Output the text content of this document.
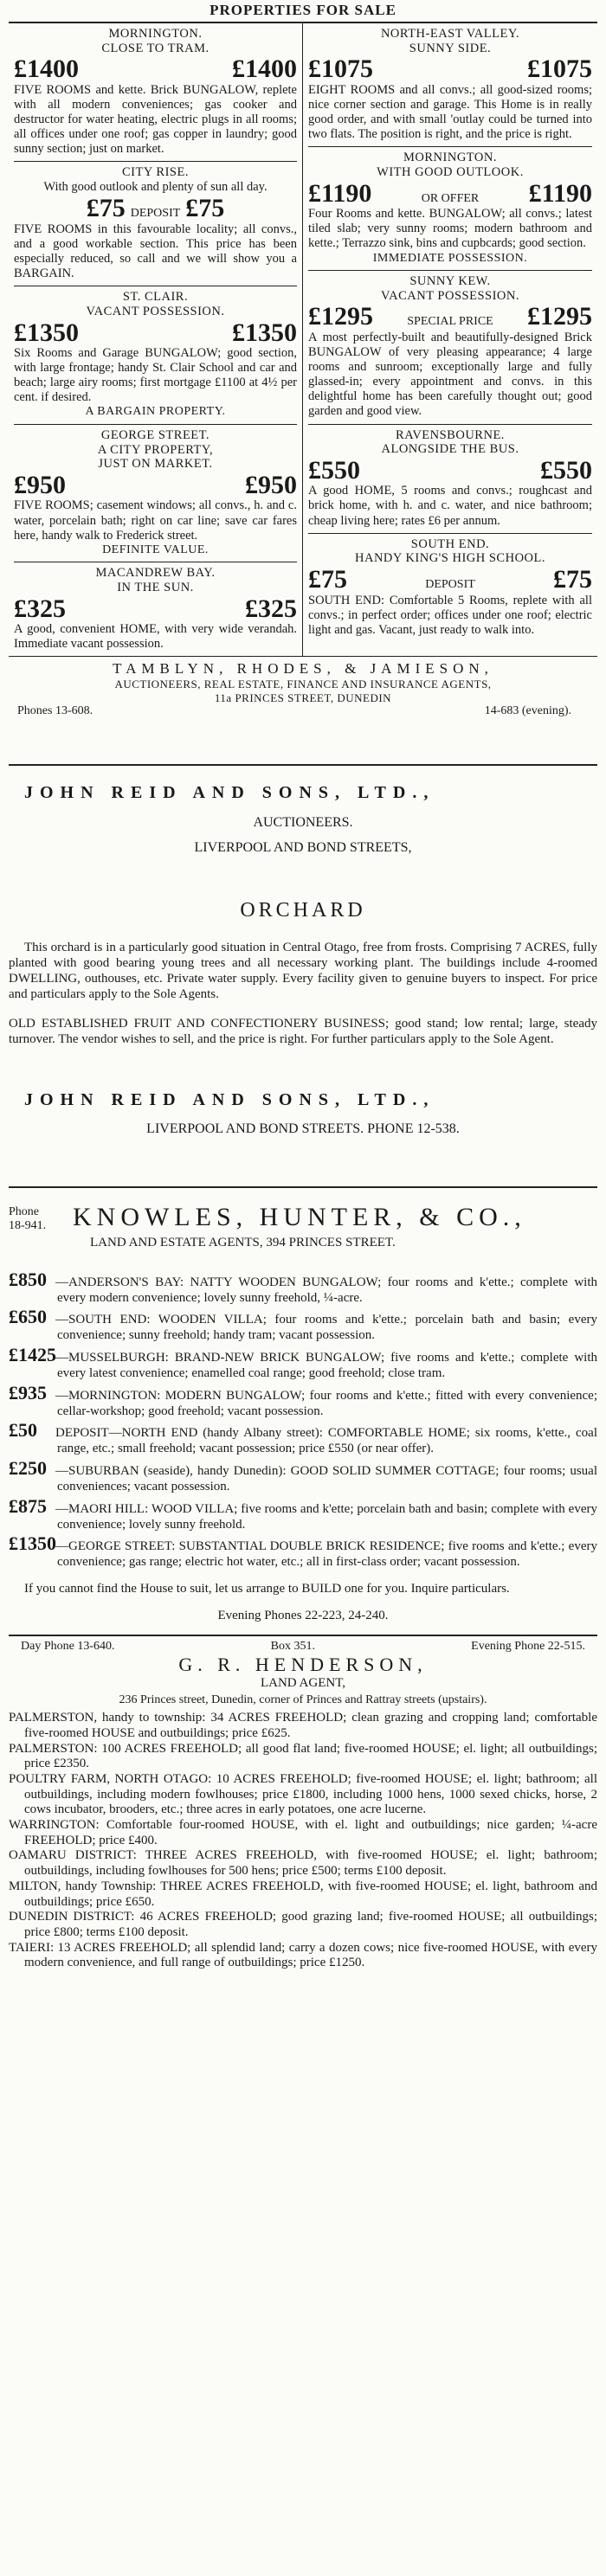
PROPERTIES FOR SALE
MORNINGTON.
CLOSE TO TRAM.
£1400	£1400
FIVE ROOMS and kette. Brick BUNGALOW, replete with all modern conveniences; gas cooker and destructor for water heating, electric plugs in all rooms; all offices under one roof; gas copper in laundry; good sunny section; just on market.
CITY RISE.
With good outlook and plenty of sun all day.
£75 DEPOSIT £75
FIVE ROOMS in this favourable locality; all convs., and a good workable section. This price has been especially reduced, so call and we will show you a BARGAIN.
ST. CLAIR.
VACANT POSSESSION.
£1350	£1350
Six Rooms and Garage BUNGALOW; good section, with large frontage; handy St. Clair School and car and beach; large airy rooms; first mortgage £1100 at 4½ per cent. if desired.
A BARGAIN PROPERTY.
GEORGE STREET.
A CITY PROPERTY,
JUST ON MARKET.
£950	£950
FIVE ROOMS; casement windows; all convs., h. and c. water, porcelain bath; right on car line; save car fares here, handy walk to Frederick street.
DEFINITE VALUE.
MACANDREW BAY.
IN THE SUN.
£325	£325
A good, convenient HOME, with very wide verandah. Immediate vacant possession.
NORTH-EAST VALLEY.
SUNNY SIDE.
£1075	£1075
EIGHT ROOMS and all convs.; all good-sized rooms; nice corner section and garage. This Home is in really good order, and with small 'outlay could be turned into two flats. The position is right, and the price is right.
MORNINGTON.
WITH GOOD OUTLOOK.
£1190	OR OFFER £1190
Four Rooms and kette. BUNGALOW; all convs.; latest tiled slab; very sunny rooms; modern bathroom and kette.; Terrazzo sink, bins and cupbcards; good section.
IMMEDIATE POSSESSION.
SUNNY KEW.
VACANT POSSESSION.
£1295	SPECIAL PRICE £1295
A most perfectly-built and beautifully-designed Brick BUNGALOW of very pleasing appearance; 4 large rooms and sunroom; exceptionally large and fully glassed-in; every appointment and convs. in this delightful home has been carefully thought out; good garden and good view.
RAVENSBOURNE.
ALONGSIDE THE BUS.
£550	£550
A good HOME, 5 rooms and convs.; roughcast and brick home, with h. and c. water, and nice bathroom; cheap living here; rates £6 per annum.
SOUTH END.
HANDY KING'S HIGH SCHOOL.
£75	DEPOSIT	£75
SOUTH END: Comfortable 5 Rooms, replete with all convs.; in perfect order; offices under one roof; electric light and gas. Vacant, just ready to walk into.
TAMBLYN, RHODES, & JAMIESON,
AUCTIONEERS, REAL ESTATE, FINANCE AND INSURANCE AGENTS,
11a PRINCES STREET, DUNEDIN
Phones 13-608.	14-683 (evening).
JOHN REID AND SONS, LTD.,
AUCTIONEERS.
LIVERPOOL AND BOND STREETS,
ORCHARD
This orchard is in a particularly good situation in Central Otago, free from frosts. Comprising 7 ACRES, fully planted with good bearing young trees and all necessary working plant. The buildings include 4-roomed DWELLING, outhouses, etc. Private water supply. Every facility given to genuine buyers to inspect. For price and particulars apply to the Sole Agents.
OLD ESTABLISHED FRUIT AND CONFECTIONERY BUSINESS; good stand; low rental; large, steady turnover. The vendor wishes to sell, and the price is right. For further particulars apply to the Sole Agent.
JOHN REID AND SONS, LTD.,
LIVERPOOL AND BOND STREETS. PHONE 12-538.
Phone
18-941.	KNOWLES, HUNTER, & CO.,
LAND AND ESTATE AGENTS, 394 PRINCES STREET.
£850 —ANDERSON'S BAY: NATTY WOODEN BUNGALOW; four rooms and k'ette.; complete with every modern convenience; lovely sunny freehold, ¼-acre.
£650 —SOUTH END: WOODEN VILLA; four rooms and k'ette.; porcelain bath and basin; every convenience; sunny freehold; handy tram; vacant possession.
£1425—MUSSELBURGH: BRAND-NEW BRICK BUNGALOW; five rooms and k'ette.; complete with every latest convenience; enamelled coal range; good freehold; close tram.
£935 —MORNINGTON: MODERN BUNGALOW; four rooms and k'ette.; fitted with every convenience; cellar-workshop; good freehold; vacant possession.
£50 DEPOSIT—NORTH END (handy Albany street): COMFORTABLE HOME; six rooms, k'ette., coal range, etc.; small freehold; vacant possession; price £550 (or near offer).
£250 —SUBURBAN (seaside), handy Dunedin): GOOD SOLID SUMMER COTTAGE; four rooms; usual conveniences; vacant possession.
£875 —MAORI HILL: WOOD VILLA; five rooms and k'ette; porcelain bath and basin; complete with every convenience; lovely sunny freehold.
£1350—GEORGE STREET: SUBSTANTIAL DOUBLE BRICK RESIDENCE; five rooms and k'ette.; every convenience; gas range; electric hot water, etc.; all in first-class order; vacant possession.
If you cannot find the House to suit, let us arrange to BUILD one for you. Inquire particulars.
Evening Phones 22-223, 24-240.
Day Phone 13-640.	Box 351.	Evening Phone 22-515.
G. R. HENDERSON,
LAND AGENT,
236 Princes street, Dunedin, corner of Princes and Rattray streets (upstairs).
PALMERSTON, handy to township: 34 ACRES FREEHOLD; clean grazing and cropping land; comfortable five-roomed HOUSE and outbuildings; price £625.
PALMERSTON: 100 ACRES FREEHOLD; all good flat land; five-roomed HOUSE; el. light; all outbuildings; price £2350.
POULTRY FARM, NORTH OTAGO: 10 ACRES FREEHOLD; five-roomed HOUSE; el. light; bathroom; all outbuildings, including modern fowlhouses; price £1800, including 1000 hens, 1000 sexed chicks, horse, 2 cows incubator, brooders, etc.; three acres in early potatoes, one acre lucerne.
WARRINGTON: Comfortable four-roomed HOUSE, with el. light and outbuildings; nice garden; ¼-acre FREEHOLD; price £400.
OAMARU DISTRICT: THREE ACRES FREEHOLD, with five-roomed HOUSE; el. light; bathroom; outbuildings, including fowlhouses for 500 hens; price £500; terms £100 deposit.
MILTON, handy Township: THREE ACRES FREEHOLD, with five-roomed HOUSE; el. light, bathroom and outbuildings; price £650.
DUNEDIN DISTRICT: 46 ACRES FREEHOLD; good grazing land; five-roomed HOUSE; all outbuildings; price £800; terms £100 deposit.
TAIERI: 13 ACRES FREEHOLD; all splendid land; carry a dozen cows; nice five-roomed HOUSE, with every modern convenience, and full range of outbuildings; price £1250.
